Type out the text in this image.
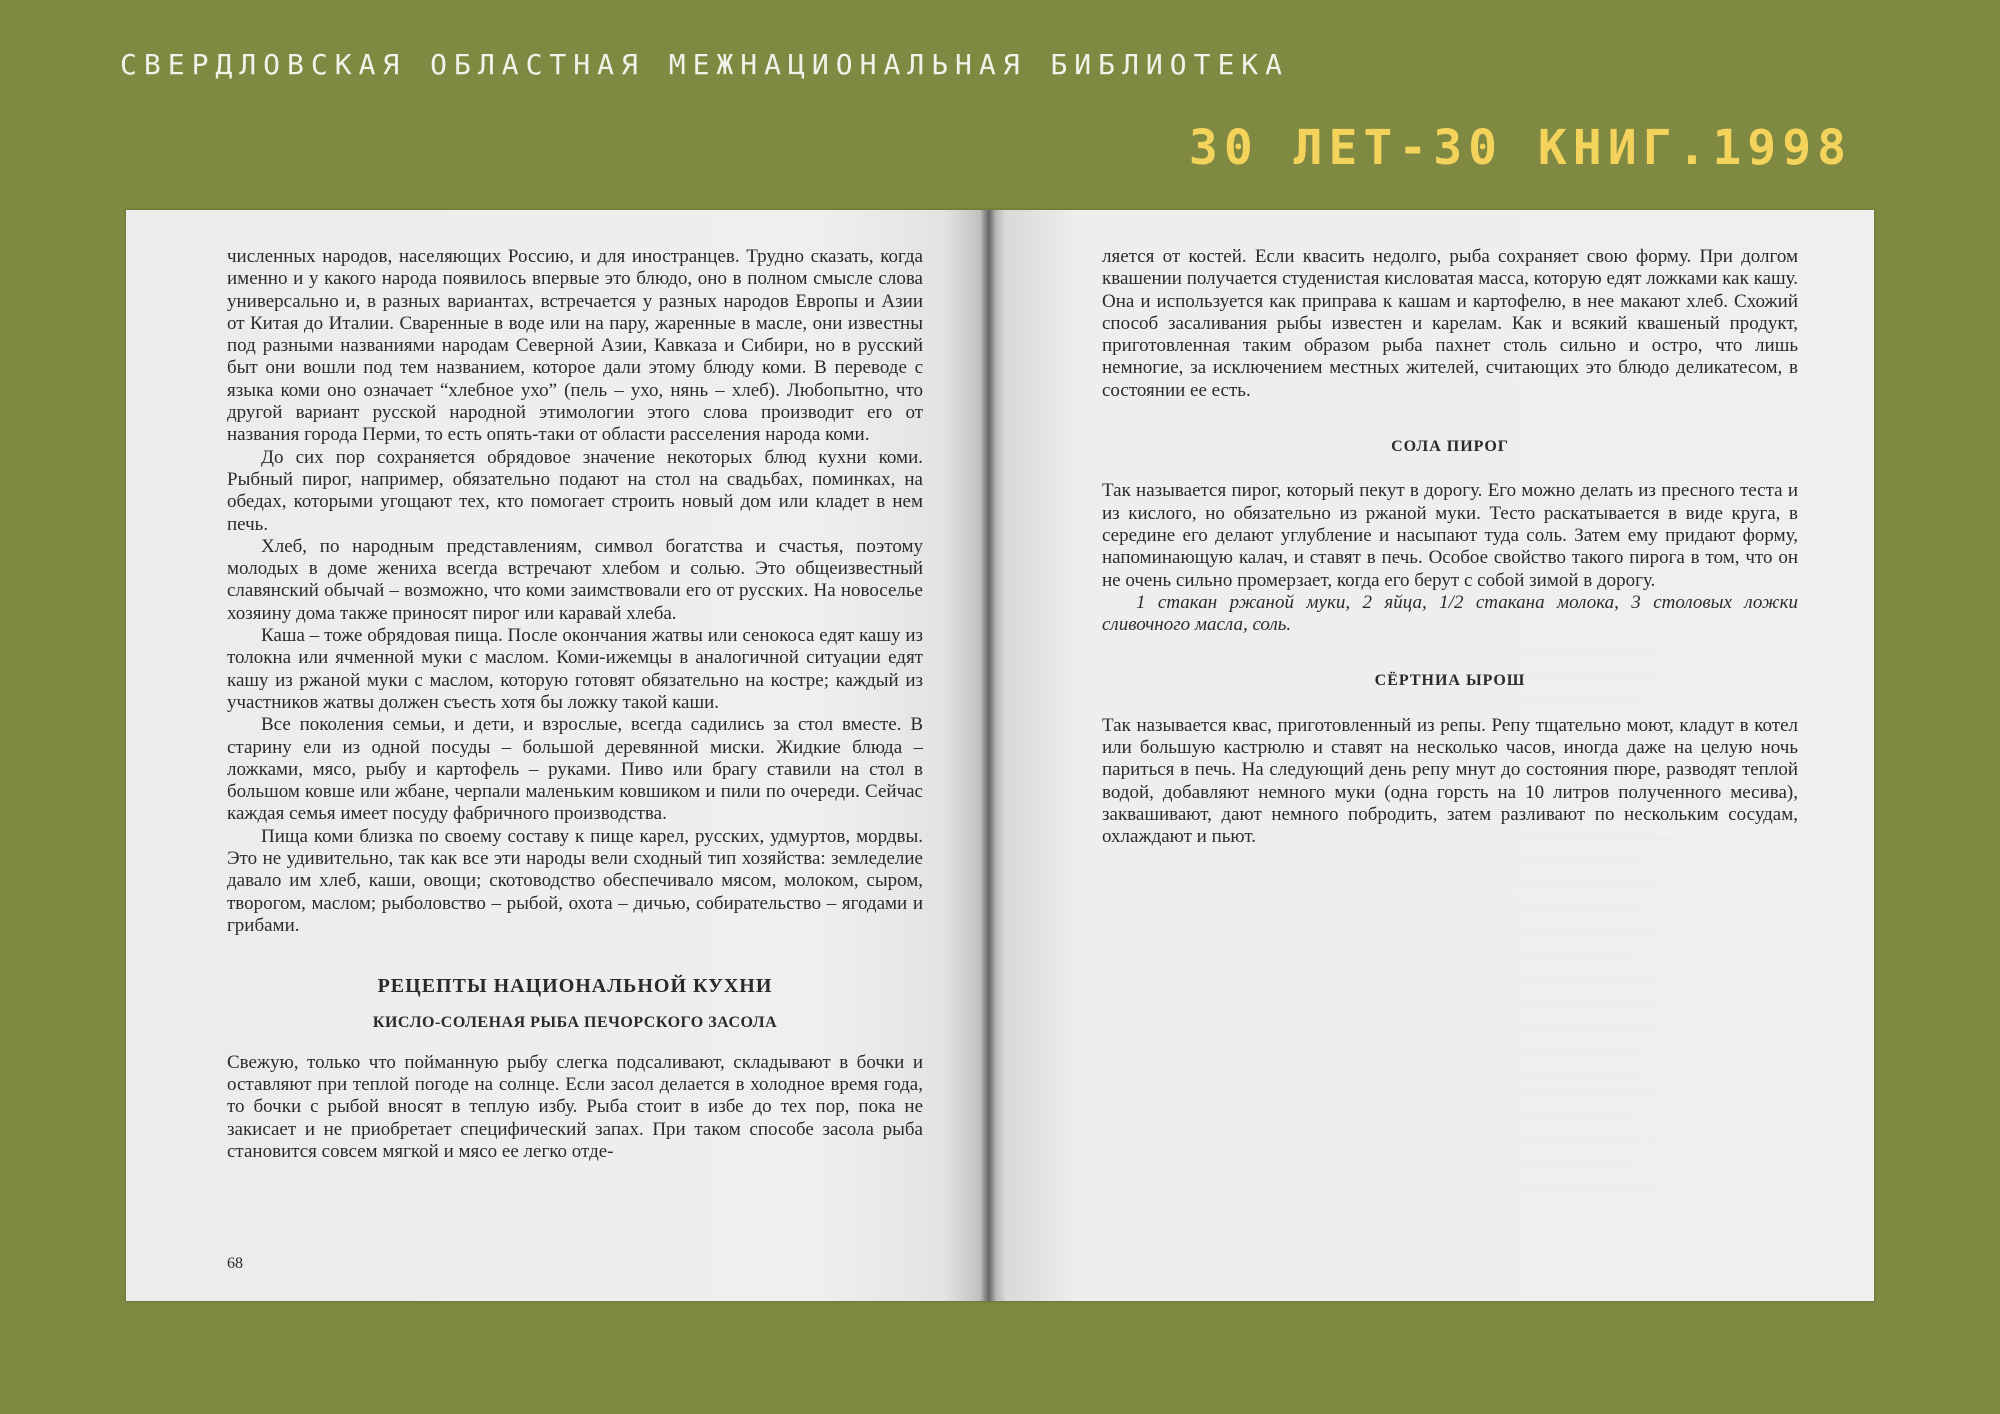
СВЕРДЛОВСКАЯ ОБЛАСТНАЯ МЕЖНАЦИОНАЛЬНАЯ БИБЛИОТЕКА
30 ЛЕТ-30 КНИГ.1998

численных народов, населяющих Россию, и для иностранцев. Трудно сказать, когда именно и у какого народа появилось впервые это блюдо, оно в полном смысле слова универсально и, в разных вариантах, встречается у разных народов Европы и Азии от Китая до Италии. Сваренные в воде или на пару, жаренные в масле, они известны под разными названиями народам Северной Азии, Кавказа и Сибири, но в русский быт они вошли под тем названием, которое дали этому блюду коми. В переводе с языка коми оно означает “хлебное ухо” (пель – ухо, нянь – хлеб). Любопытно, что другой вариант русской народной этимологии этого слова производит его от названия города Перми, то есть опять-таки от области расселения народа коми.

До сих пор сохраняется обрядовое значение некоторых блюд кухни коми. Рыбный пирог, например, обязательно подают на стол на свадьбах, поминках, на обедах, которыми угощают тех, кто помогает строить новый дом или кладет в нем печь.

Хлеб, по народным представлениям, символ богатства и счастья, поэтому молодых в доме жениха всегда встречают хлебом и солью. Это общеизвестный славянский обычай – возможно, что коми заимствовали его от русских. На новоселье хозяину дома также приносят пирог или каравай хлеба.

Каша – тоже обрядовая пища. После окончания жатвы или сенокоса едят кашу из толокна или ячменной муки с маслом. Коми-ижемцы в аналогичной ситуации едят кашу из ржаной муки с маслом, которую готовят обязательно на костре; каждый из участников жатвы должен съесть хотя бы ложку такой каши.

Все поколения семьи, и дети, и взрослые, всегда садились за стол вместе. В старину ели из одной посуды – большой деревянной миски. Жидкие блюда – ложками, мясо, рыбу и картофель – руками. Пиво или брагу ставили на стол в большом ковше или жбане, черпали маленьким ковшиком и пили по очереди. Сейчас каждая семья имеет посуду фабричного производства.

Пища коми близка по своему составу к пище карел, русских, удмуртов, мордвы. Это не удивительно, так как все эти народы вели сходный тип хозяйства: земледелие давало им хлеб, каши, овощи; скотоводство обеспечивало мясом, молоком, сыром, творогом, маслом; рыболовство – рыбой, охота – дичью, собирательство – ягодами и грибами.

РЕЦЕПТЫ НАЦИОНАЛЬНОЙ КУХНИ
КИСЛО-СОЛЕНАЯ РЫБА ПЕЧОРСКОГО ЗАСОЛА

Свежую, только что пойманную рыбу слегка подсаливают, складывают в бочки и оставляют при теплой погоде на солнце. Если засол делается в холодное время года, то бочки с рыбой вносят в теплую избу. Рыба стоит в избе до тех пор, пока не закисает и не приобретает специфический запах. При таком способе засола рыба становится совсем мягкой и мясо ее легко отде-

68

ляется от костей. Если квасить недолго, рыба сохраняет свою форму. При долгом квашении получается студенистая кисловатая масса, которую едят ложками как кашу. Она и используется как приправа к кашам и картофелю, в нее макают хлеб. Схожий способ засаливания рыбы известен и карелам. Как и всякий квашеный продукт, приготовленная таким образом рыба пахнет столь сильно и остро, что лишь немногие, за исключением местных жителей, считающих это блюдо деликатесом, в состоянии ее есть.

СОЛА ПИРОГ

Так называется пирог, который пекут в дорогу. Его можно делать из пресного теста и из кислого, но обязательно из ржаной муки. Тесто раскатывается в виде круга, в середине его делают углубление и насыпают туда соль. Затем ему придают форму, напоминающую калач, и ставят в печь. Особое свойство такого пирога в том, что он не очень сильно промерзает, когда его берут с собой зимой в дорогу.

1 стакан ржаной муки, 2 яйца, 1/2 стакана молока, 3 столовых ложки сливочного масла, соль.

СЁРТНИА ЫРОШ

Так называется квас, приготовленный из репы. Репу тщательно моют, кладут в котел или большую кастрюлю и ставят на несколько часов, иногда даже на целую ночь париться в печь. На следующий день репу мнут до состояния пюре, разводят теплой водой, добавляют немного муки (одна горсть на 10 литров полученного месива), заквашивают, дают немного побродить, затем разливают по нескольким сосудам, охлаждают и пьют.
